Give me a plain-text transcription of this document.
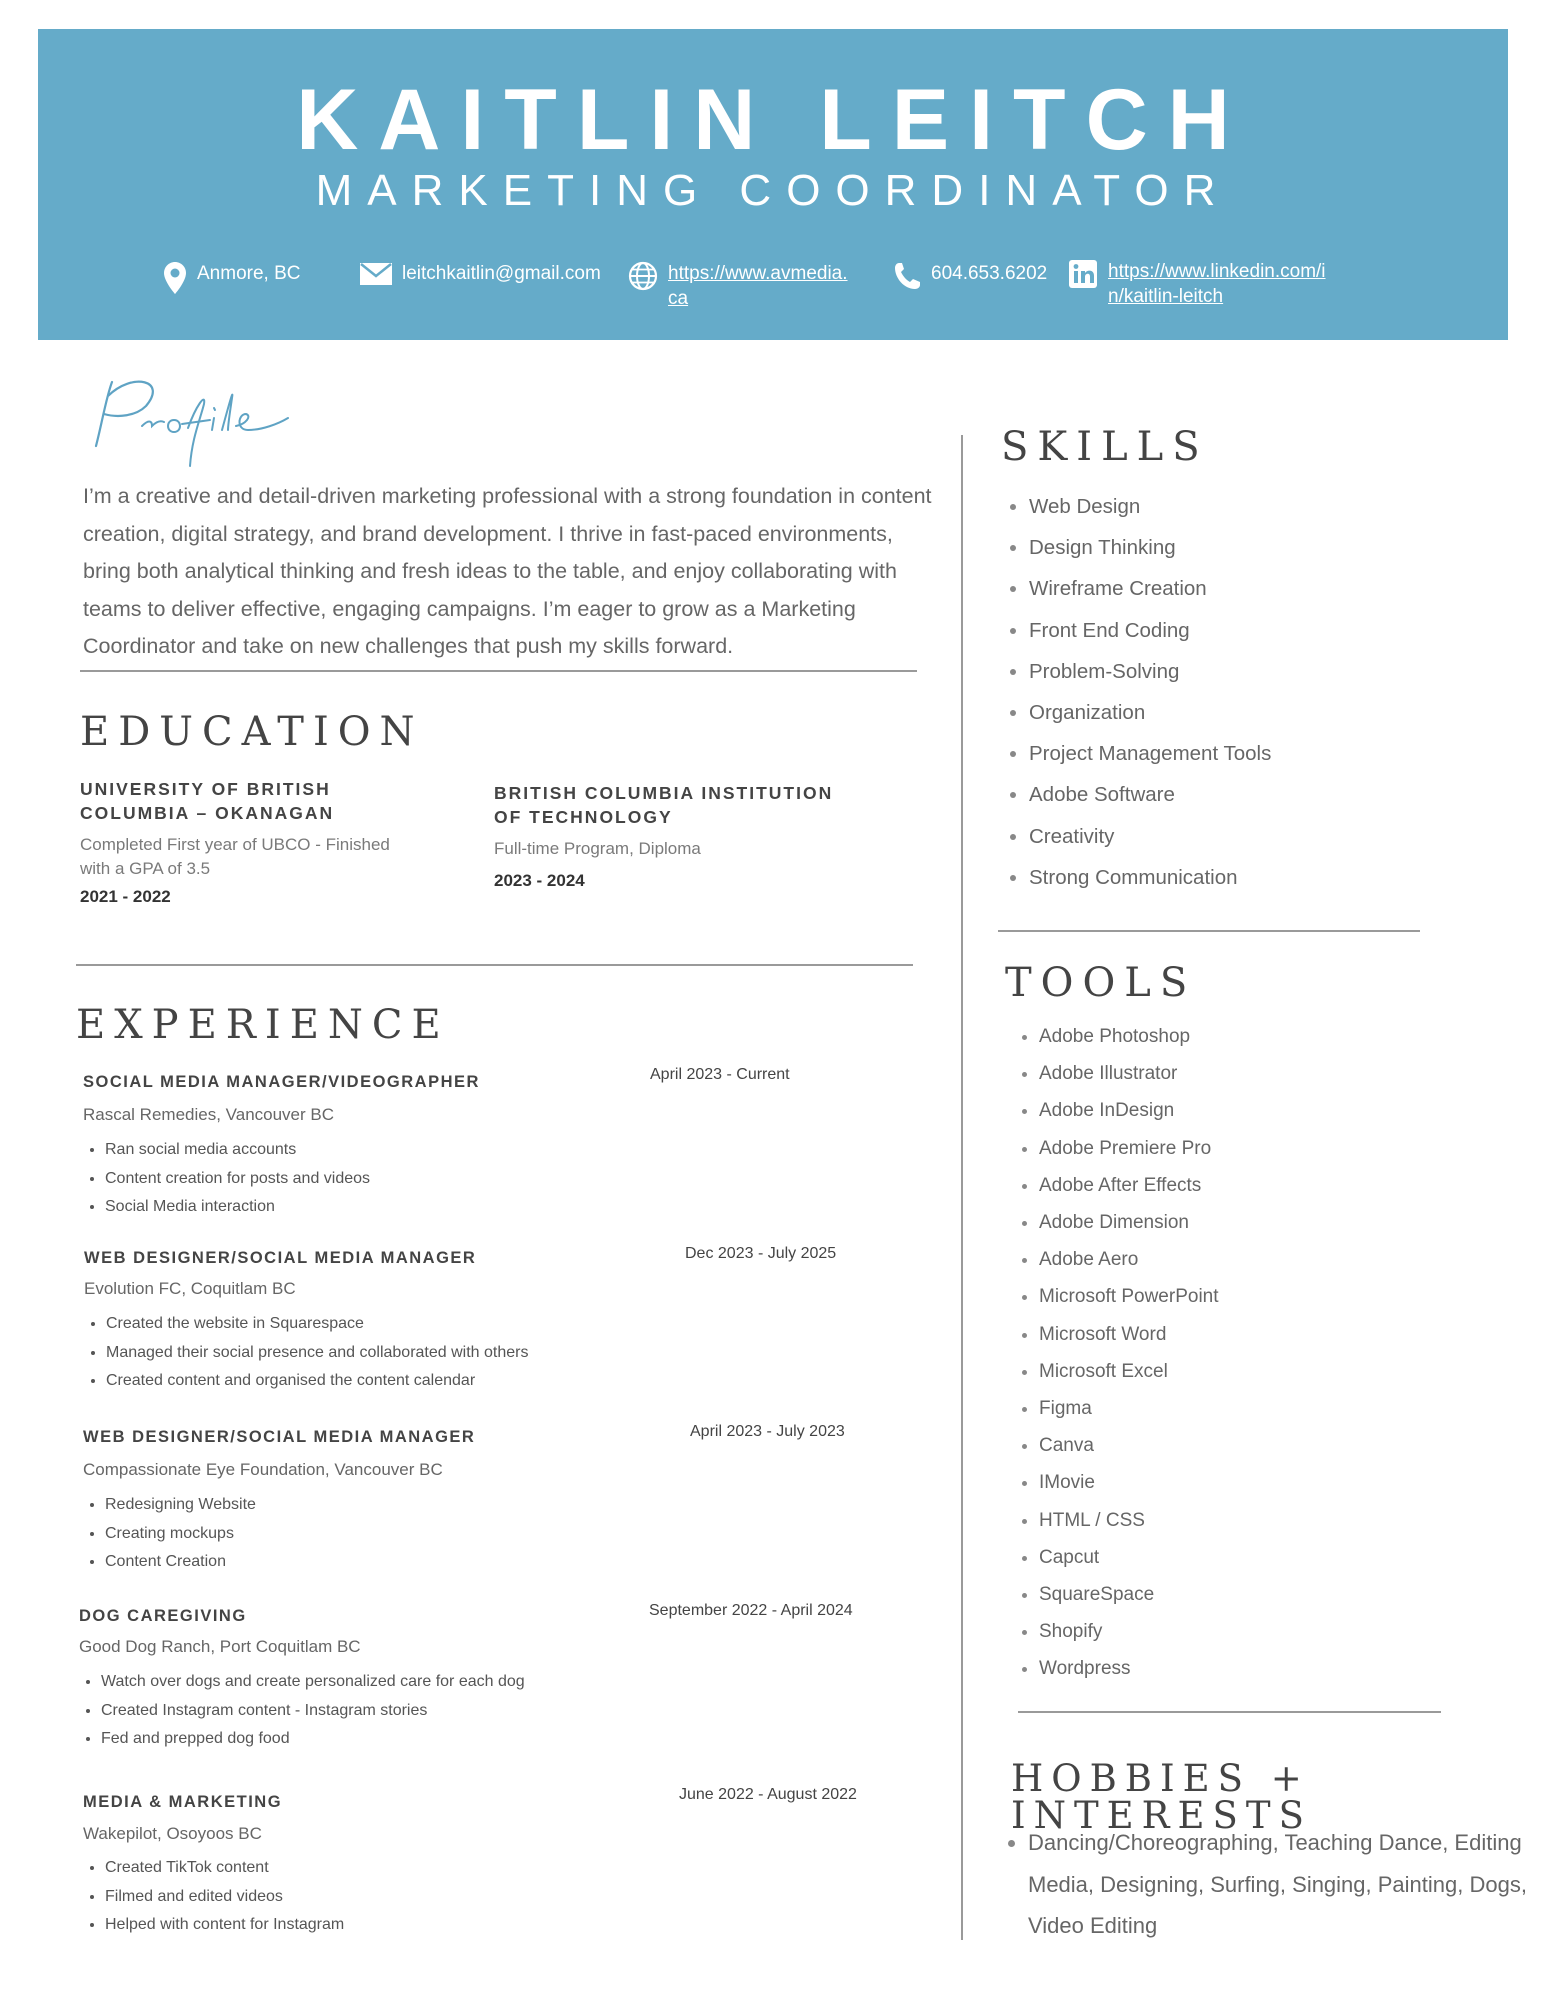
KAITLIN LEITCH
MARKETING COORDINATOR
Anmore, BC	leitchkaitlin@gmail.com	https://www.avmedia.
ca
604.653.6202	https://www.linkedin.com/i
n/kaitlin-leitch
I’m a creative and detail-driven marketing professional with a strong foundation in content creation, digital strategy, and brand development. I thrive in fast-paced environments, bring both analytical thinking and fresh ideas to the table, and enjoy collaborating with teams to deliver effective, engaging campaigns. I’m eager to grow as a Marketing Coordinator and take on new challenges that push my skills forward.
EDUCATION
UNIVERSITY OF BRITISH
COLUMBIA – OKANAGAN
Completed First year of UBCO - Finished
with a GPA of 3.5
2021 - 2022
BRITISH COLUMBIA INSTITUTION
OF TECHNOLOGY
Full-time Program, Diploma
2023 - 2024
EXPERIENCE
SOCIAL MEDIA MANAGER/VIDEOGRAPHER	April 2023 - Current
Rascal Remedies, Vancouver BC
• Ran social media accounts
• Content creation for posts and videos
• Social Media interaction
WEB DESIGNER/SOCIAL MEDIA MANAGER	Dec 2023 - July 2025
Evolution FC, Coquitlam BC
• Created the website in Squarespace
• Managed their social presence and collaborated with others
• Created content and organised the content calendar
WEB DESIGNER/SOCIAL MEDIA MANAGER	April 2023 - July 2023
Compassionate Eye Foundation, Vancouver BC
• Redesigning Website
• Creating mockups
• Content Creation
DOG CAREGIVING	September 2022 - April 2024
Good Dog Ranch, Port Coquitlam BC
• Watch over dogs and create personalized care for each dog
• Created Instagram content - Instagram stories
• Fed and prepped dog food
MEDIA & MARKETING	June 2022 - August 2022
Wakepilot, Osoyoos BC
• Created TikTok content
• Filmed and edited videos
• Helped with content for Instagram
SKILLS
• Web Design
• Design Thinking
• Wireframe Creation
• Front End Coding
• Problem-Solving
• Organization
• Project Management Tools
• Adobe Software
• Creativity
• Strong Communication
TOOLS
• Adobe Photoshop
• Adobe Illustrator
• Adobe InDesign
• Adobe Premiere Pro
• Adobe After Effects
• Adobe Dimension
• Adobe Aero
• Microsoft PowerPoint
• Microsoft Word
• Microsoft Excel
• Figma
• Canva
• IMovie
• HTML / CSS
• Capcut
• SquareSpace
• Shopify
• Wordpress
HOBBIES + INTERESTS
• Dancing/Choreographing, Teaching Dance, Editing Media, Designing, Surfing, Singing, Painting, Dogs, Video Editing
